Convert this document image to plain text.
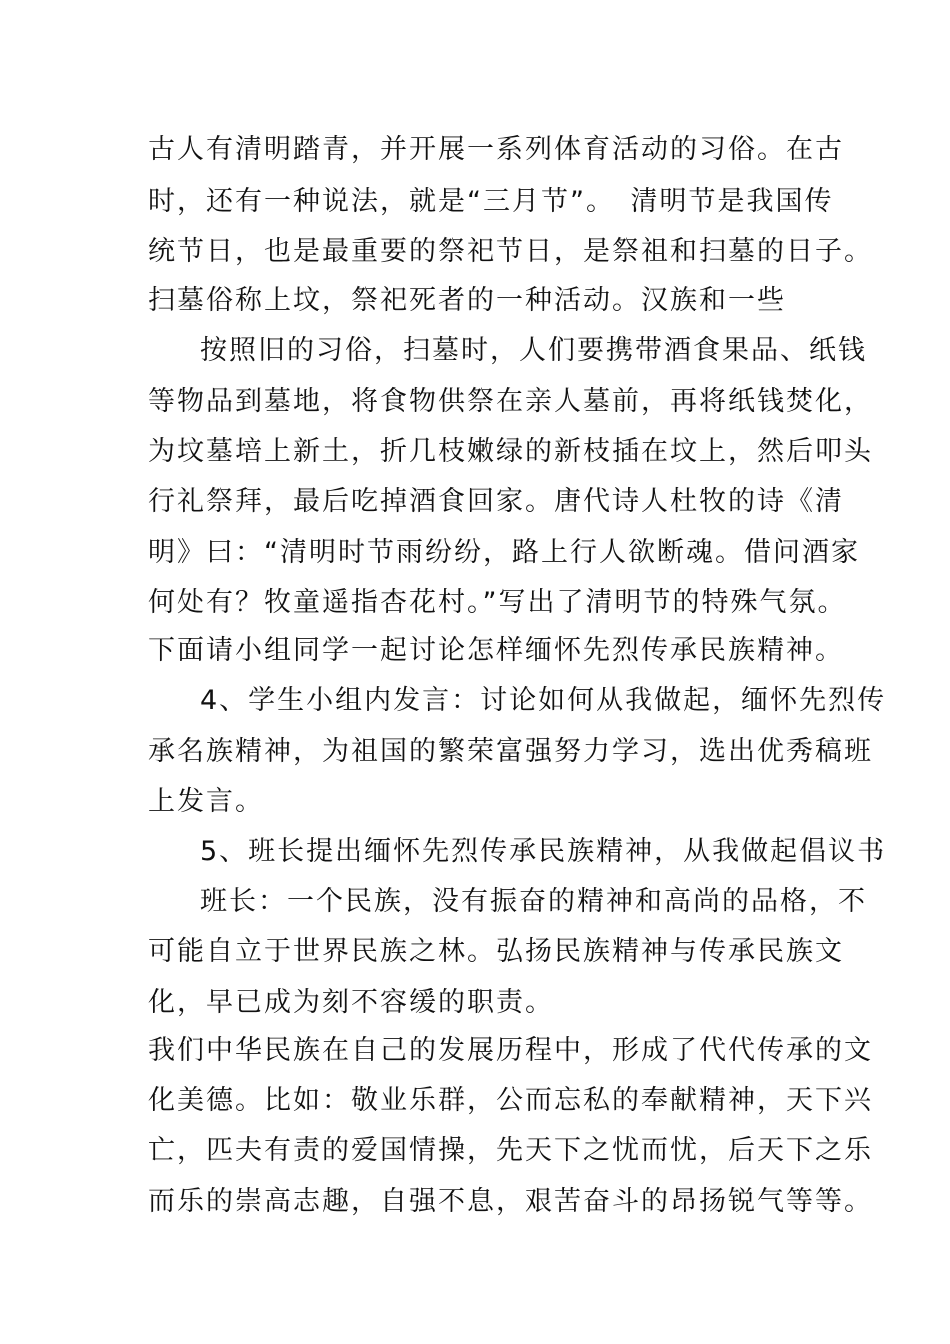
古人有清明踏青，并开展一系列体育活动的习俗。在古
时，还有一种说法，就是“三月节”。　清明节是我国传
统节日，也是最重要的祭祀节日，是祭祖和扫墓的日子。
扫墓俗称上坟，祭祀死者的一种活动。汉族和一些
按照旧的习俗，扫墓时，人们要携带酒食果品、纸钱
等物品到墓地，将食物供祭在亲人墓前，再将纸钱焚化，
为坟墓培上新土，折几枝嫩绿的新枝插在坟上，然后叩头
行礼祭拜，最后吃掉酒食回家。唐代诗人杜牧的诗《清
明》曰：“清明时节雨纷纷，路上行人欲断魂。借问酒家
何处有？牧童遥指杏花村。”写出了清明节的特殊气氛。
下面请小组同学一起讨论怎样缅怀先烈传承民族精神。
4、学生小组内发言：讨论如何从我做起，缅怀先烈传
承名族精神，为祖国的繁荣富强努力学习，选出优秀稿班
上发言。
5、班长提出缅怀先烈传承民族精神，从我做起倡议书
班长：一个民族，没有振奋的精神和高尚的品格，不
可能自立于世界民族之林。弘扬民族精神与传承民族文
化，早已成为刻不容缓的职责。
我们中华民族在自己的发展历程中，形成了代代传承的文
化美德。比如：敬业乐群，公而忘私的奉献精神，天下兴
亡，匹夫有责的爱国情操，先天下之忧而忧，后天下之乐
而乐的崇高志趣，自强不息，艰苦奋斗的昂扬锐气等等。
